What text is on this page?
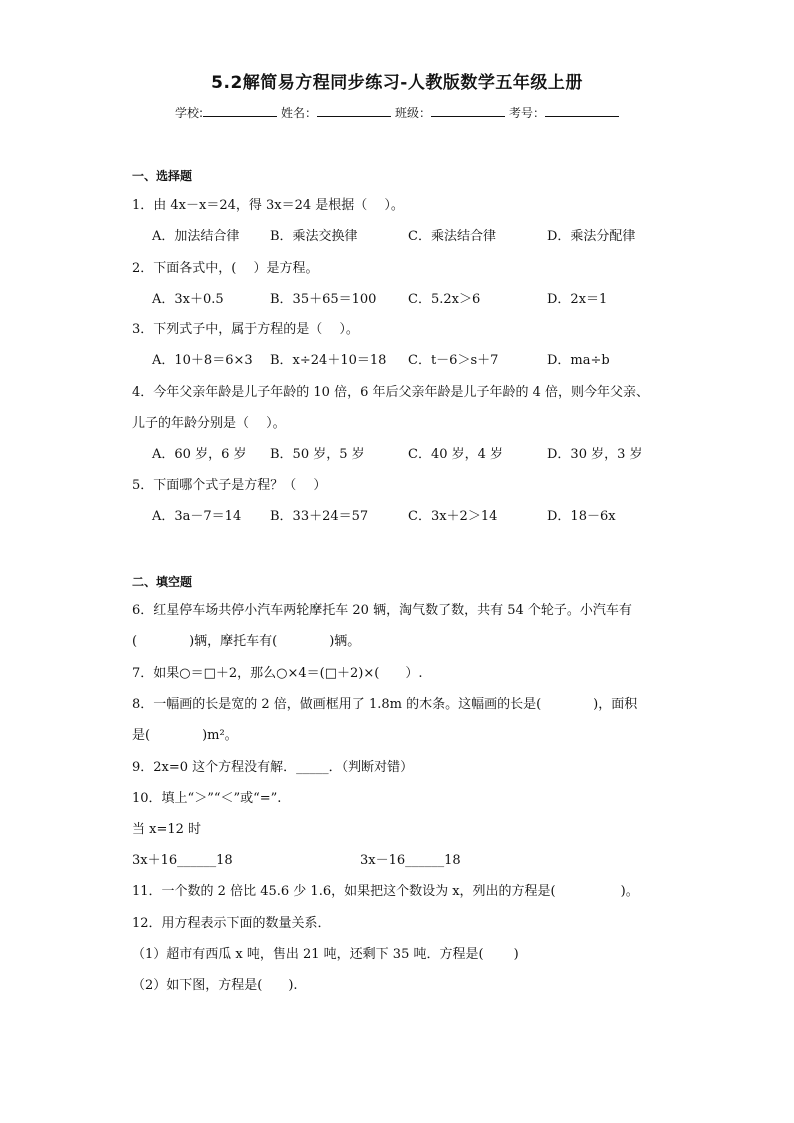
5.2解简易方程同步练习-人教版数学五年级上册
学校:	姓名：	班级：	考号：
一、选择题
1．由 4x－x＝24，得 3x＝24 是根据（　 ）。
A．加法结合律 B．乘法交换律	C．乘法结合律	D．乘法分配律
2．下面各式中，(　 ）是方程。
A．3x＋0.5	B．35＋65＝100 C．5.2x＞6	D．2x＝1
3．下列式子中，属于方程的是（　 ）。
A．10＋8＝6×3 B．x÷24＋10＝18 C．t－6＞s＋7	D．ma÷b
4．今年父亲年龄是儿子年龄的 10 倍，6 年后父亲年龄是儿子年龄的 4 倍，则今年父亲、
儿子的年龄分别是（　 ）。
A．60 岁，6 岁 B．50 岁，5 岁	C．40 岁，4 岁	D．30 岁，3 岁
5．下面哪个式子是方程？（　 ）
A．3a－7＝14 B．33＋24＝57	C．3x＋2＞14	D．18－6x
二、填空题
6．红星停车场共停小汽车两轮摩托车 20 辆，淘气数了数，共有 54 个轮子。小汽车有
(　　　　)辆，摩托车有(　　　　)辆。
7．如果○＝□＋2，那么○×4＝(□＋2)×(　　）.
8．一幅画的长是宽的 2 倍，做画框用了 1.8m 的木条。这幅画的长是(　　　　)，面积
是(　　　　)m²。
9．2x=0 这个方程没有解．_____．（判断对错）
10．填上“＞”“＜”或“=”.
当 x=12 时
3x＋16______18	3x－16______18
11．一个数的 2 倍比 45.6 少 1.6，如果把这个数设为 x，列出的方程是(　　　　　)。
12．用方程表示下面的数量关系．
（1）超市有西瓜 x 吨，售出 21 吨，还剩下 35 吨．方程是(　　 )
（2）如下图，方程是(　　).
